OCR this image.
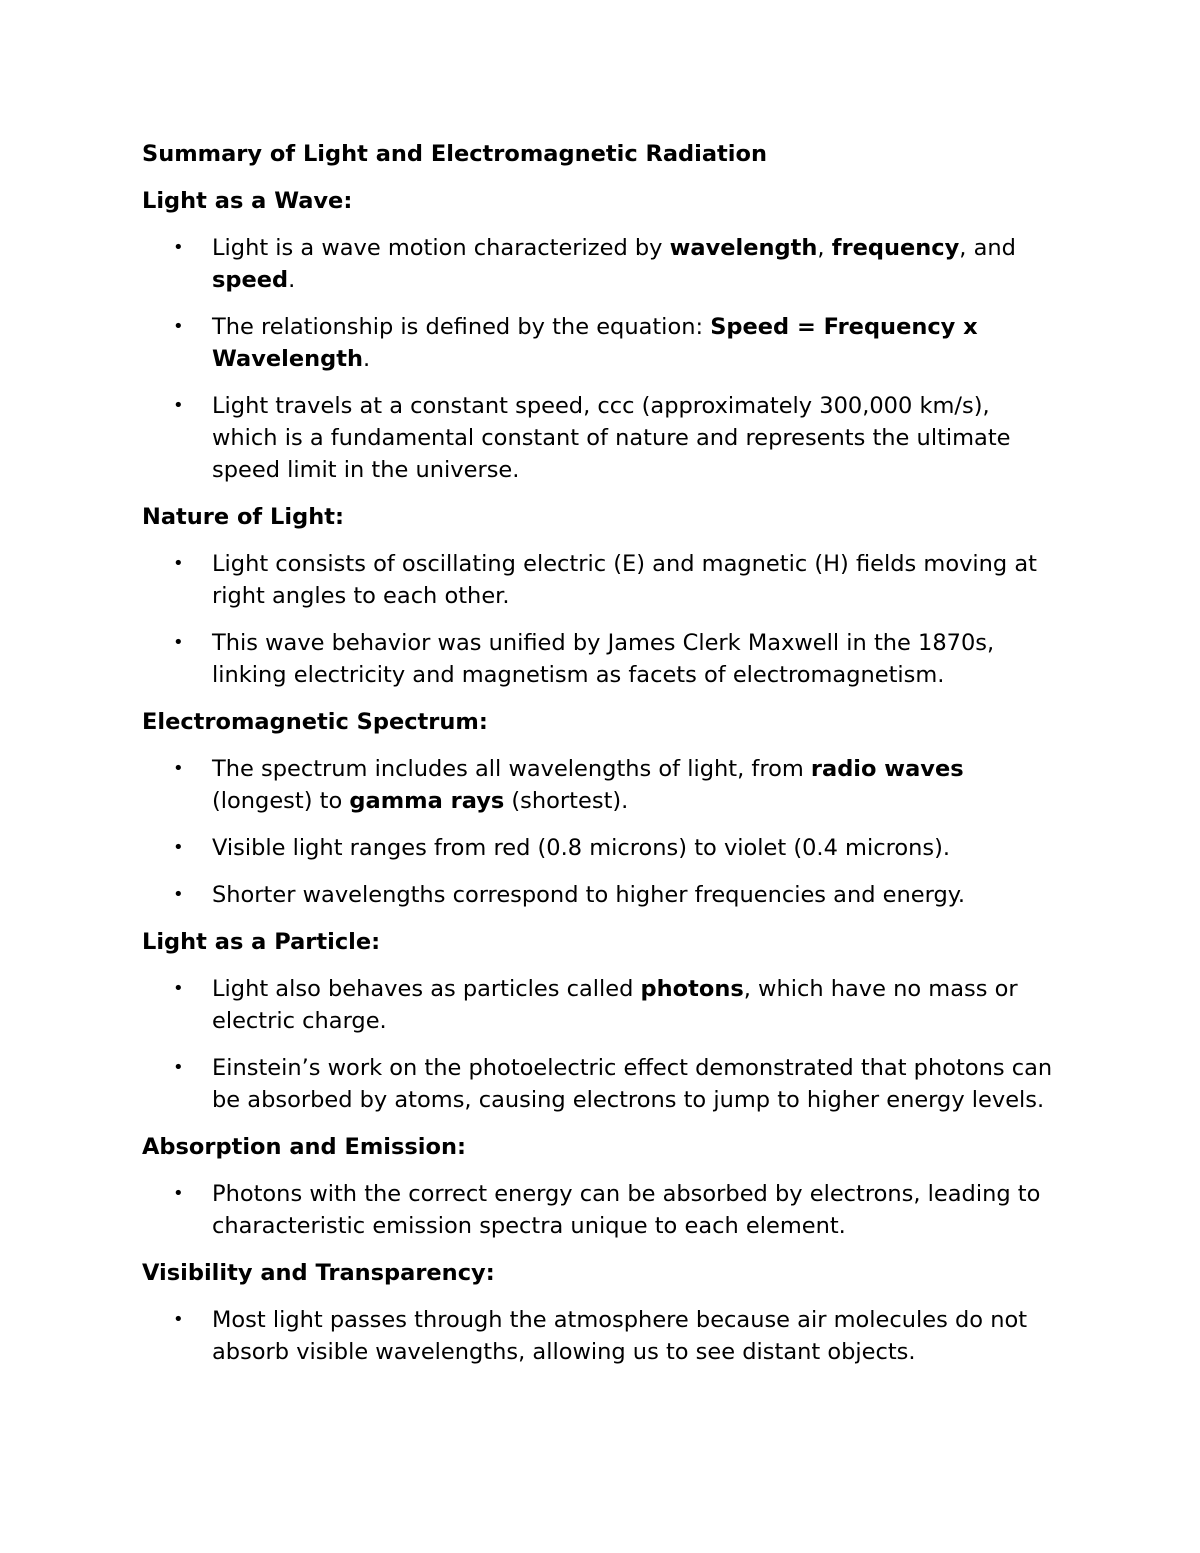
Summary of Light and Electromagnetic Radiation
Light as a Wave:
• Light is a wave motion characterized by wavelength, frequency, and speed.
• The relationship is defined by the equation: Speed = Frequency x Wavelength.
• Light travels at a constant speed, ccc (approximately 300,000 km/s), which is a fundamental constant of nature and represents the ultimate speed limit in the universe.
Nature of Light:
• Light consists of oscillating electric (E) and magnetic (H) fields moving at right angles to each other.
• This wave behavior was unified by James Clerk Maxwell in the 1870s, linking electricity and magnetism as facets of electromagnetism.
Electromagnetic Spectrum:
• The spectrum includes all wavelengths of light, from radio waves (longest) to gamma rays (shortest).
• Visible light ranges from red (0.8 microns) to violet (0.4 microns).
• Shorter wavelengths correspond to higher frequencies and energy.
Light as a Particle:
• Light also behaves as particles called photons, which have no mass or electric charge.
• Einstein’s work on the photoelectric effect demonstrated that photons can be absorbed by atoms, causing electrons to jump to higher energy levels.
Absorption and Emission:
• Photons with the correct energy can be absorbed by electrons, leading to characteristic emission spectra unique to each element.
Visibility and Transparency:
• Most light passes through the atmosphere because air molecules do not absorb visible wavelengths, allowing us to see distant objects.
